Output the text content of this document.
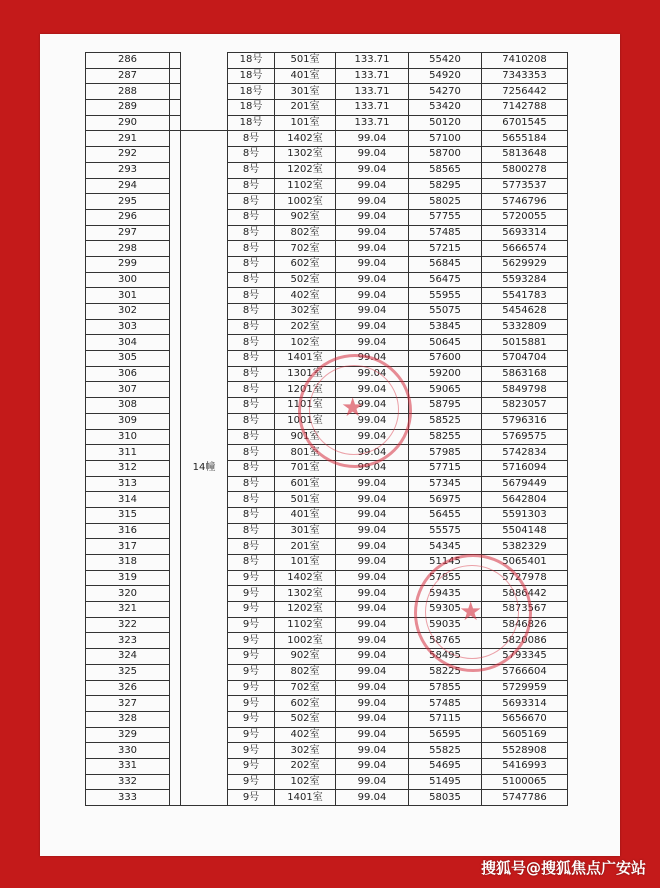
286			18号	501室	133.71	55420	7410208
287			18号	401室	133.71	54920	7343353
288			18号	301室	133.71	54270	7256442
289			18号	201室	133.71	53420	7142788
290			18号	101室	133.71	50120	6701545
291		14幢	8号	1402室	99.04	57100	5655184
292			8号	1302室	99.04	58700	5813648
293			8号	1202室	99.04	58565	5800278
294			8号	1102室	99.04	58295	5773537
295			8号	1002室	99.04	58025	5746796
296			8号	902室	99.04	57755	5720055
297			8号	802室	99.04	57485	5693314
298			8号	702室	99.04	57215	5666574
299			8号	602室	99.04	56845	5629929
300			8号	502室	99.04	56475	5593284
301			8号	402室	99.04	55955	5541783
302			8号	302室	99.04	55075	5454628
303			8号	202室	99.04	53845	5332809
304			8号	102室	99.04	50645	5015881
305			8号	1401室	99.04	57600	5704704
306			8号	1301室	99.04	59200	5863168
307			8号	1201室	99.04	59065	5849798
308			8号	1101室	99.04	58795	5823057
309			8号	1001室	99.04	58525	5796316
310			8号	901室	99.04	58255	5769575
311			8号	801室	99.04	57985	5742834
312			8号	701室	99.04	57715	5716094
313			8号	601室	99.04	57345	5679449
314			8号	501室	99.04	56975	5642804
315			8号	401室	99.04	56455	5591303
316			8号	301室	99.04	55575	5504148
317			8号	201室	99.04	54345	5382329
318			8号	101室	99.04	51145	5065401
319			9号	1402室	99.04	57855	5727978
320			9号	1302室	99.04	59435	5886442
321			9号	1202室	99.04	59305	5873567
322			9号	1102室	99.04	59035	5846826
323			9号	1002室	99.04	58765	5820086
324			9号	902室	99.04	58495	5793345
325			9号	802室	99.04	58225	5766604
326			9号	702室	99.04	57855	5729959
327			9号	602室	99.04	57485	5693314
328			9号	502室	99.04	57115	5656670
329			9号	402室	99.04	56595	5605169
330			9号	302室	99.04	55825	5528908
331			9号	202室	99.04	54695	5416993
332			9号	102室	99.04	51495	5100065
333			9号	1401室	99.04	58035	5747786
★
★
搜狐号@搜狐焦点广安站
